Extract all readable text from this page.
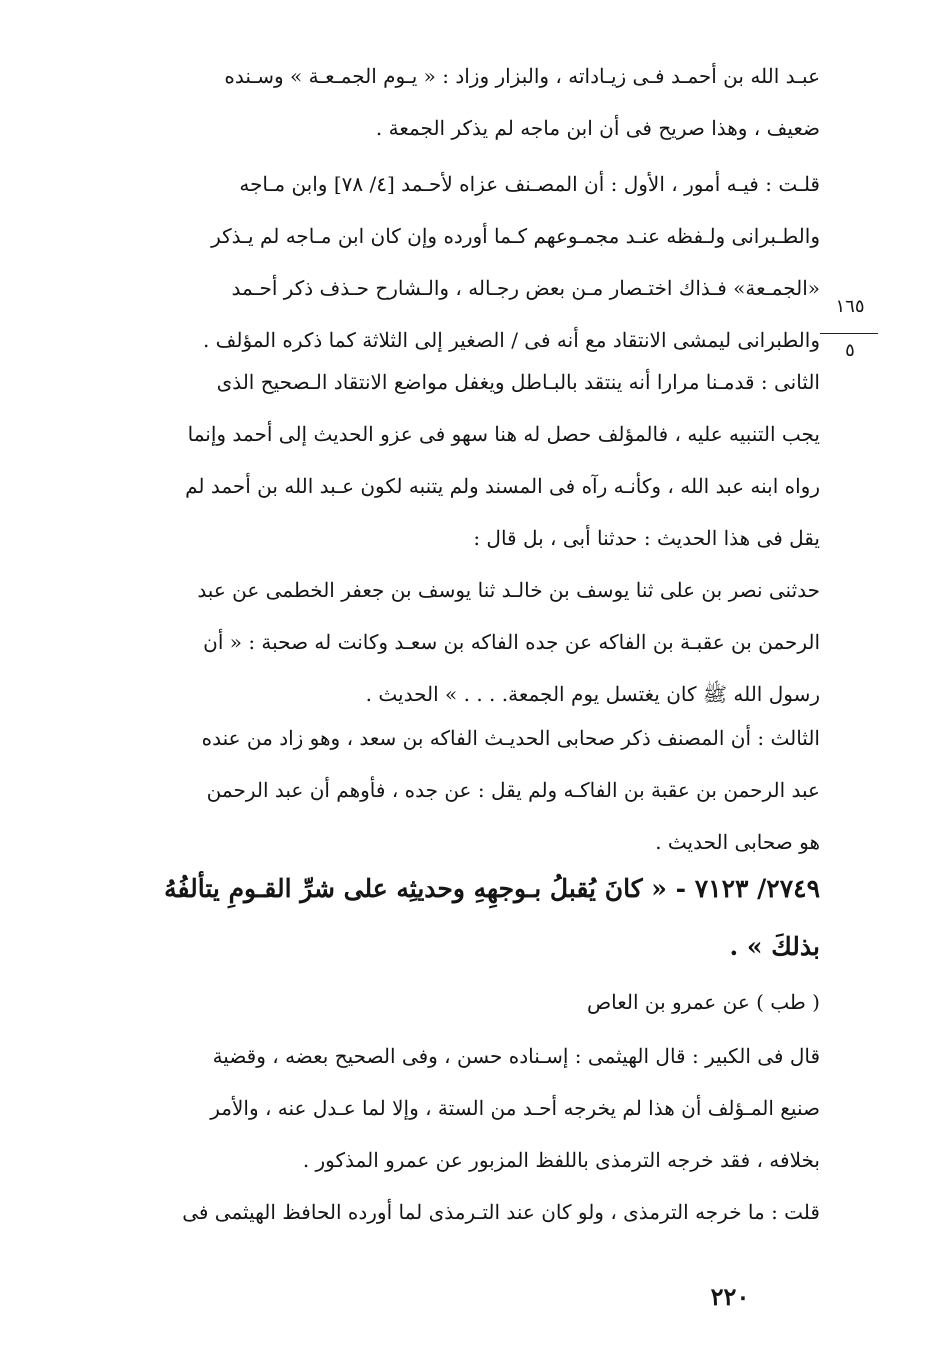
عبـد الله بن أحمـد فـى زيـاداته ، والبزار وزاد : « يـوم الجمـعـة » وسـنده
ضعيف ، وهذا صريح فى أن ابن ماجه لم يذكر الجمعة .
قلـت : فيـه أمور ، الأول : أن المصـنف عزاه لأحـمد [٤/ ٧٨] وابن مـاجه
والطـبرانى ولـفظه عنـد مجمـوعهم كـما أورده وإن كان ابن مـاجه لم يـذكر
«الجمـعة» فـذاك اختـصار مـن بعض رجـاله ، والـشارح حـذف ذكر أحـمد
والطبرانى ليمشى الانتقاد مع أنه فى / الصغير إلى الثلاثة كما ذكره المؤلف .
الثانى : قدمـنا مرارا أنه ينتقد بالبـاطل ويغفل مواضع الانتقاد الـصحيح الذى
يجب التنبيه عليه ، فالمؤلف حصل له هنا سهو فى عزو الحديث إلى أحمد وإنما
رواه ابنه عبد الله ، وكأنـه رآه فى المسند ولم يتنبه لكون عـبد الله بن أحمد لم
يقل فى هذا الحديث : حدثنا أبى ، بل قال :
حدثنى نصر بن على ثنا يوسف بن خالـد ثنا يوسف بن جعفر الخطمى عن عبد
الرحمن بن عقبـة بن الفاكه عن جده الفاكه بن سعـد وكانت له صحبة : « أن
رسول الله ﷺ كان يغتسل يوم الجمعة. . . . » الحديث .
الثالث : أن المصنف ذكر صحابى الحديـث الفاكه بن سعد ، وهو زاد من عنده
عبد الرحمن بن عقبة بن الفاكـه ولم يقل : عن جده ، فأوهم أن عبد الرحمن
هو صحابى الحديث .
٢٧٤٩/ ٧١٢٣ - « كانَ يُقبلُ بـوجهِهِ وحديثِه على شرِّ القـومِ يتألفُهُ
بذلكَ » .
( طب ) عن عمرو بن العاص
قال فى الكبير : قال الهيثمى : إسـناده حسن ، وفى الصحيح بعضه ، وقضية
صنيع المـؤلف أن هذا لم يخرجه أحـد من الستة ، وإلا لما عـدل عنه ، والأمر
بخلافه ، فقد خرجه الترمذى باللفظ المزبور عن عمرو المذكور .
قلت : ما خرجه الترمذى ، ولو كان عند التـرمذى لما أورده الحافظ الهيثمى فى
١٦٥
٥
٢٢٠
